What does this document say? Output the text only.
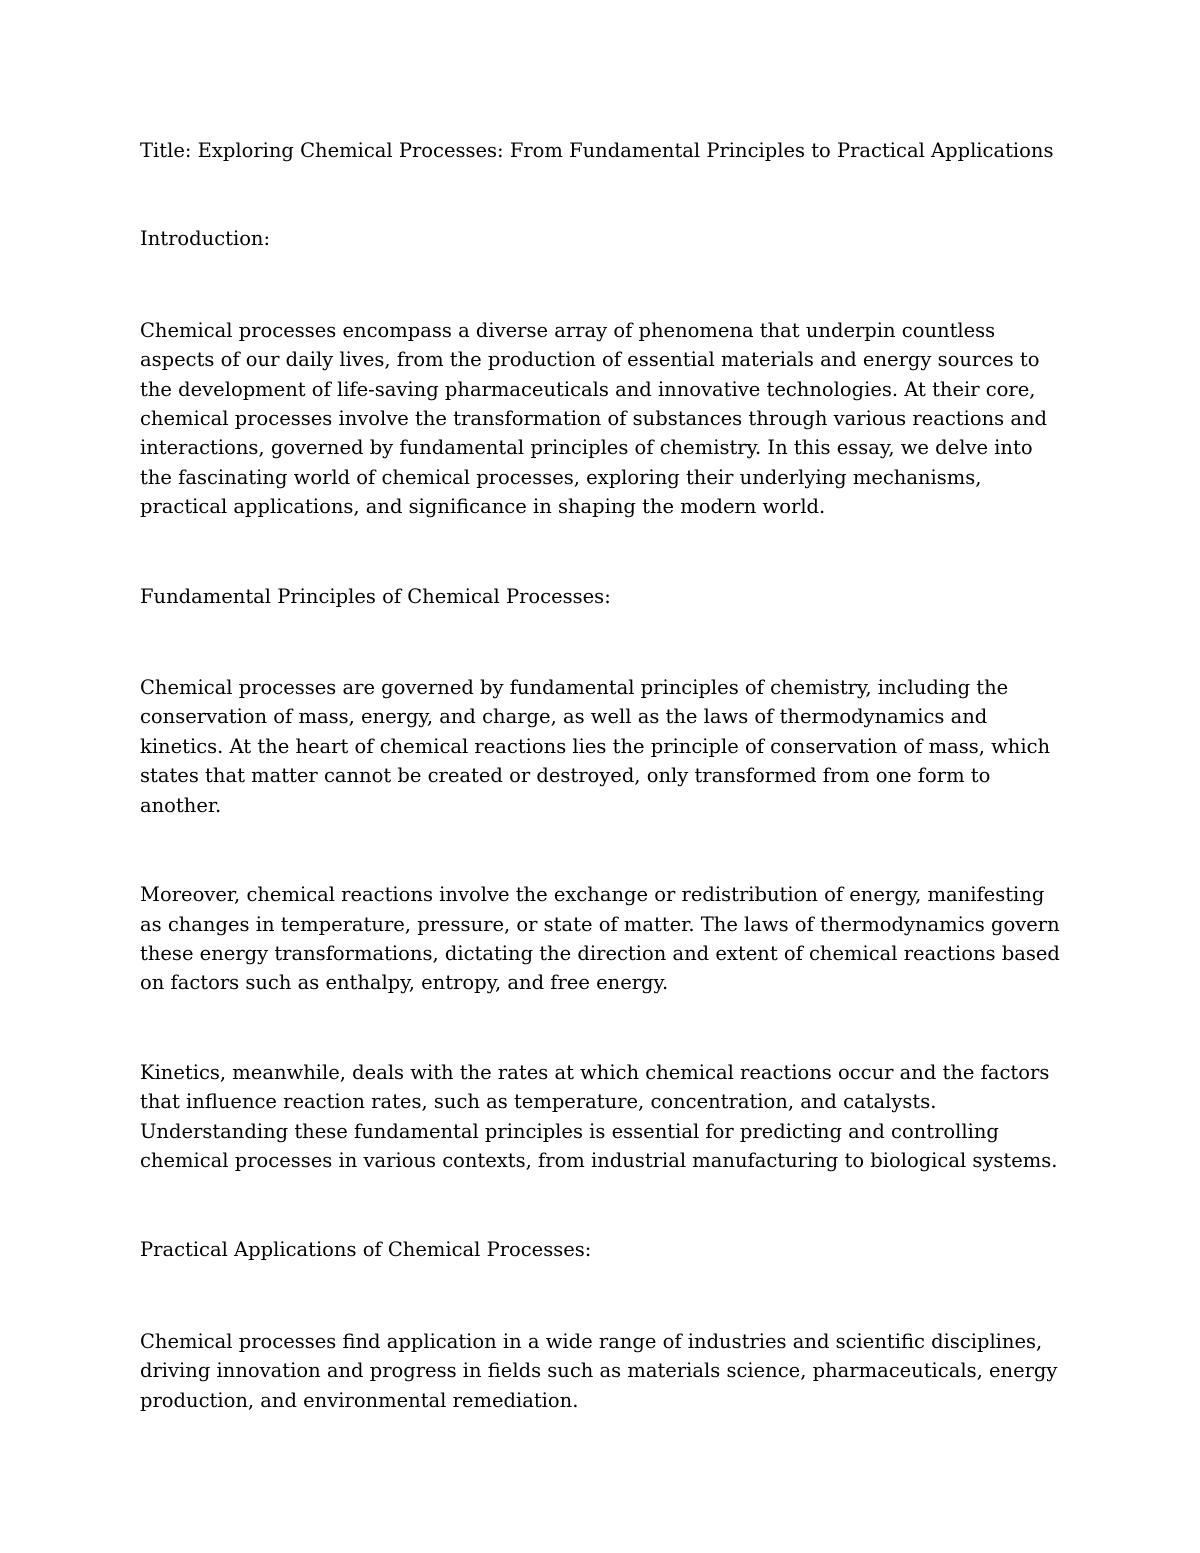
Title: Exploring Chemical Processes: From Fundamental Principles to Practical Applications

Introduction:

Chemical processes encompass a diverse array of phenomena that underpin countless aspects of our daily lives, from the production of essential materials and energy sources to the development of life-saving pharmaceuticals and innovative technologies. At their core, chemical processes involve the transformation of substances through various reactions and interactions, governed by fundamental principles of chemistry. In this essay, we delve into the fascinating world of chemical processes, exploring their underlying mechanisms, practical applications, and significance in shaping the modern world.

Fundamental Principles of Chemical Processes:

Chemical processes are governed by fundamental principles of chemistry, including the conservation of mass, energy, and charge, as well as the laws of thermodynamics and kinetics. At the heart of chemical reactions lies the principle of conservation of mass, which states that matter cannot be created or destroyed, only transformed from one form to another.

Moreover, chemical reactions involve the exchange or redistribution of energy, manifesting as changes in temperature, pressure, or state of matter. The laws of thermodynamics govern these energy transformations, dictating the direction and extent of chemical reactions based on factors such as enthalpy, entropy, and free energy.

Kinetics, meanwhile, deals with the rates at which chemical reactions occur and the factors that influence reaction rates, such as temperature, concentration, and catalysts. Understanding these fundamental principles is essential for predicting and controlling chemical processes in various contexts, from industrial manufacturing to biological systems.

Practical Applications of Chemical Processes:

Chemical processes find application in a wide range of industries and scientific disciplines, driving innovation and progress in fields such as materials science, pharmaceuticals, energy production, and environmental remediation.
